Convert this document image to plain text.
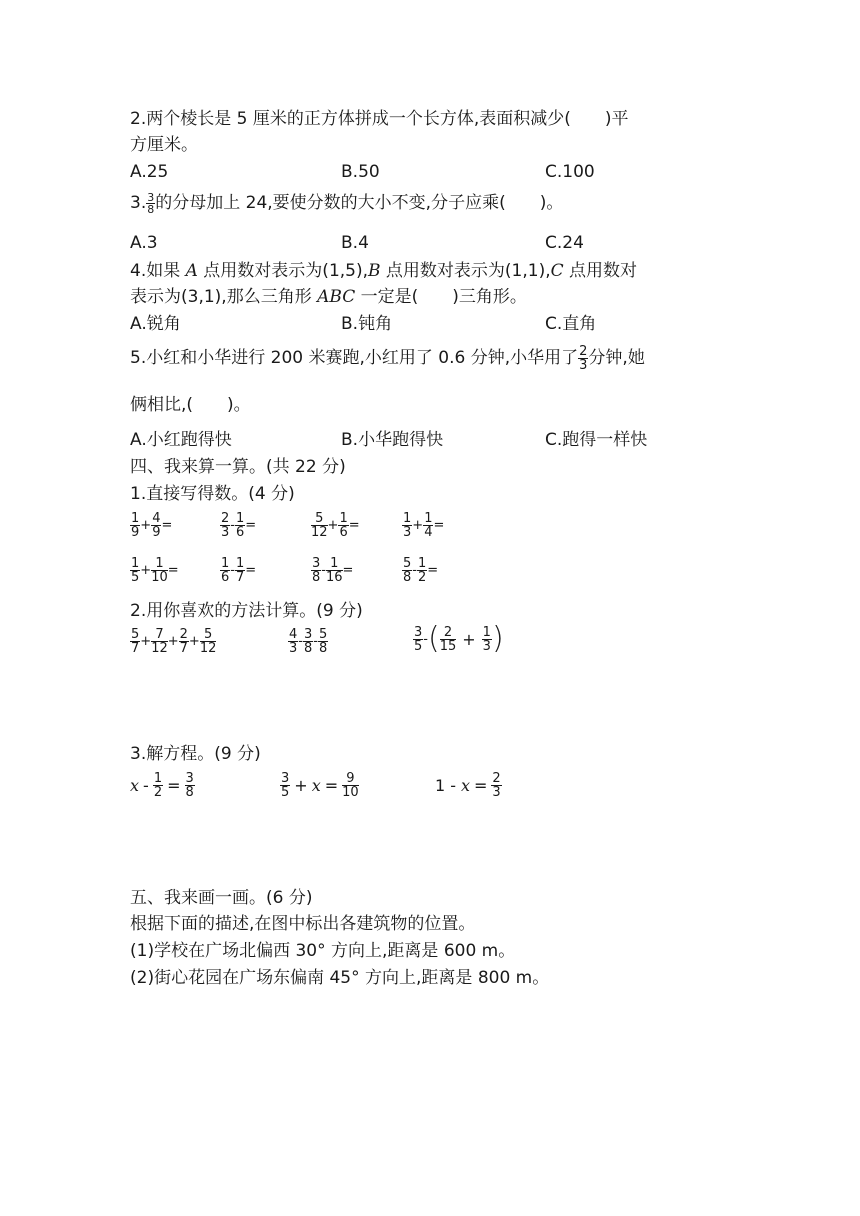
2.两个棱长是 5 厘米的正方体拼成一个长方体,表面积减少( )平
方厘米。
A.25	B.50	C.100
3. $\frac{3}{8}$ 的分母加上 24,要使分数的大小不变,分子应乘( )。
A.3	B.4	C.24
4.如果 A 点用数对表示为(1,5),B 点用数对表示为(1,1),C 点用数对
表示为(3,1),那么三角形 ABC 一定是( )三角形。
A.锐角	B.钝角	C.直角
5.小红和小华进行 200 米赛跑,小红用了 0.6 分钟,小华用了 $\frac{2}{3}$ 分钟,她
俩相比,( )。
A.小红跑得快	B.小华跑得快	C.跑得一样快
四、我来算一算。(共 22 分)
1.直接写得数。(4 分)
$\frac{1}{9} + \frac{4}{9}$ =	$\frac{2}{3} - \frac{1}{6}$ =	$\frac{5}{12} + \frac{1}{6}$ =	$\frac{1}{3} + \frac{1}{4}$ =
$\frac{1}{5} + \frac{1}{10}$ =	$\frac{1}{6} - \frac{1}{7}$ =	$\frac{3}{8} - \frac{1}{16}$ =	$\frac{5}{8} - \frac{1}{2}$ =
2.用你喜欢的方法计算。(9 分)
$\frac{5}{7} + \frac{7}{12} + \frac{2}{7} + \frac{5}{12}$	$\frac{4}{3} - \frac{3}{8} - \frac{5}{8}$	$\frac{3}{5}$ - ( $\frac{2}{15} + \frac{1}{3}$ )
3.解方程。(9 分)
$x - \frac{1}{2} = \frac{3}{8}$	$\frac{3}{5} + x = \frac{9}{10}$	$1 - x = \frac{2}{3}$
五、我来画一画。(6 分)
根据下面的描述,在图中标出各建筑物的位置。
(1)学校在广场北偏西 30° 方向上,距离是 600 m。
(2)街心花园在广场东偏南 45° 方向上,距离是 800 m。
